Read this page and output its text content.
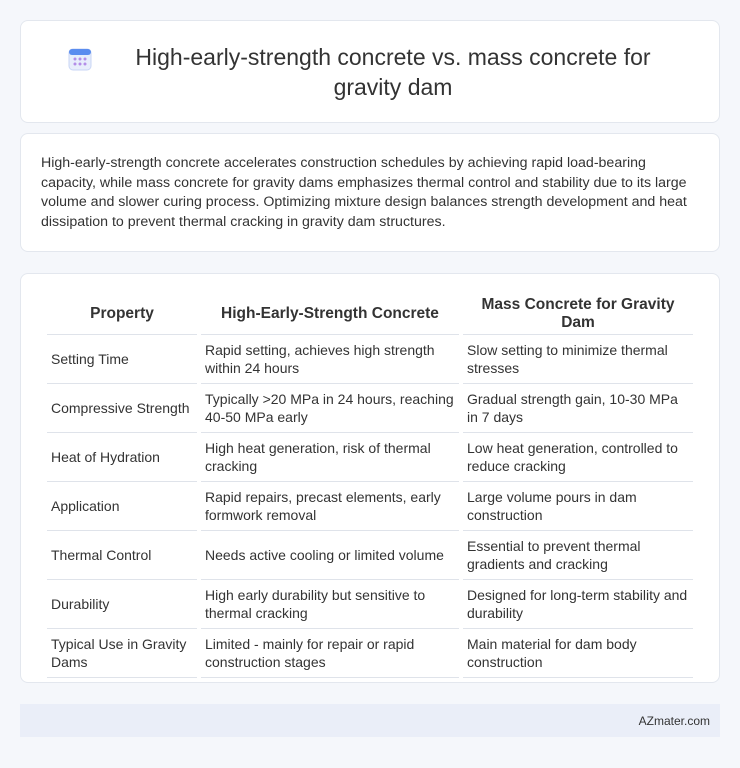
High-early-strength concrete vs. mass concrete for gravity dam

High-early-strength concrete accelerates construction schedules by achieving rapid load-bearing capacity, while mass concrete for gravity dams emphasizes thermal control and stability due to its large volume and slower curing process. Optimizing mixture design balances strength development and heat dissipation to prevent thermal cracking in gravity dam structures.

Property	High-Early-Strength Concrete	Mass Concrete for Gravity Dam
Setting Time	Rapid setting, achieves high strength within 24 hours	Slow setting to minimize thermal stresses
Compressive Strength	Typically >20 MPa in 24 hours, reaching 40-50 MPa early	Gradual strength gain, 10-30 MPa in 7 days
Heat of Hydration	High heat generation, risk of thermal cracking	Low heat generation, controlled to reduce cracking
Application	Rapid repairs, precast elements, early formwork removal	Large volume pours in dam construction
Thermal Control	Needs active cooling or limited volume	Essential to prevent thermal gradients and cracking
Durability	High early durability but sensitive to thermal cracking	Designed for long-term stability and durability
Typical Use in Gravity Dams	Limited - mainly for repair or rapid construction stages	Main material for dam body construction
AZmater.com
